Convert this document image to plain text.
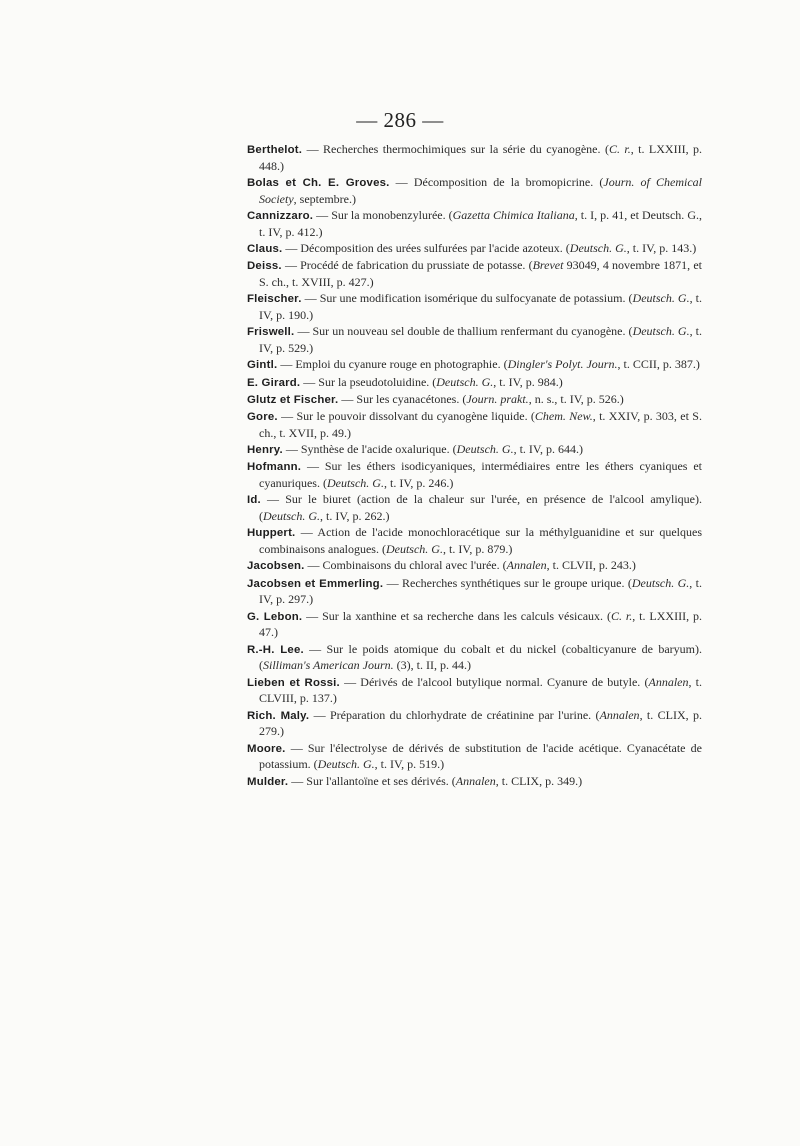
— 286 —
Berthelot. — Recherches thermochimiques sur la série du cyanogène. (C. r., t. LXXIII, p. 448.)
Bolas et Ch. E. Groves. — Décomposition de la bromopicrine. (Journ. of Chemical Society, septembre.)
Cannizzaro. — Sur la monobenzylurée. (Gazetta Chimica Italiana, t. I, p. 41, et Deutsch. G., t. IV, p. 412.)
Claus. — Décomposition des urées sulfurées par l'acide azoteux. (Deutsch. G., t. IV, p. 143.)
Deiss. — Procédé de fabrication du prussiate de potasse. (Brevet 93049, 4 novembre 1871, et S. ch., t. XVIII, p. 427.)
Fleischer. — Sur une modification isomérique du sulfocyanate de potassium. (Deutsch. G., t. IV, p. 190.)
Friswell. — Sur un nouveau sel double de thallium renfermant du cyanogène. (Deutsch. G., t. IV, p. 529.)
Gintl. — Emploi du cyanure rouge en photographie. (Dingler's Polyt. Journ., t. CCII, p. 387.)
E. Girard. — Sur la pseudotoluidine. (Deutsch. G., t. IV, p. 984.)
Glutz et Fischer. — Sur les cyanacétones. (Journ. prakt., n. s., t. IV, p. 526.)
Gore. — Sur le pouvoir dissolvant du cyanogène liquide. (Chem. New., t. XXIV, p. 303, et S. ch., t. XVII, p. 49.)
Henry. — Synthèse de l'acide oxalurique. (Deutsch. G., t. IV, p. 644.)
Hofmann. — Sur les éthers isodicyaniques, intermédiaires entre les éthers cyaniques et cyanuriques. (Deutsch. G., t. IV, p. 246.)
Id. — Sur le biuret (action de la chaleur sur l'urée, en présence de l'alcool amylique). (Deutsch. G., t. IV, p. 262.)
Huppert. — Action de l'acide monochloracétique sur la méthylguanidine et sur quelques combinaisons analogues. (Deutsch. G., t. IV, p. 879.)
Jacobsen. — Combinaisons du chloral avec l'urée. (Annalen, t. CLVII, p. 243.)
Jacobsen et Emmerling. — Recherches synthétiques sur le groupe urique. (Deutsch. G., t. IV, p. 297.)
G. Lebon. — Sur la xanthine et sa recherche dans les calculs vésicaux. (C. r., t. LXXIII, p. 47.)
R.-H. Lee. — Sur le poids atomique du cobalt et du nickel (cobalticyanure de baryum). (Silliman's American Journ. (3), t. II, p. 44.)
Lieben et Rossi. — Dérivés de l'alcool butylique normal. Cyanure de butyle. (Annalen, t. CLVIII, p. 137.)
Rich. Maly. — Préparation du chlorhydrate de créatinine par l'urine. (Annalen, t. CLIX, p. 279.)
Moore. — Sur l'électrolyse de dérivés de substitution de l'acide acétique. Cyanacétate de potassium. (Deutsch. G., t. IV, p. 519.)
Mulder. — Sur l'allantoïne et ses dérivés. (Annalen, t. CLIX, p. 349.)
